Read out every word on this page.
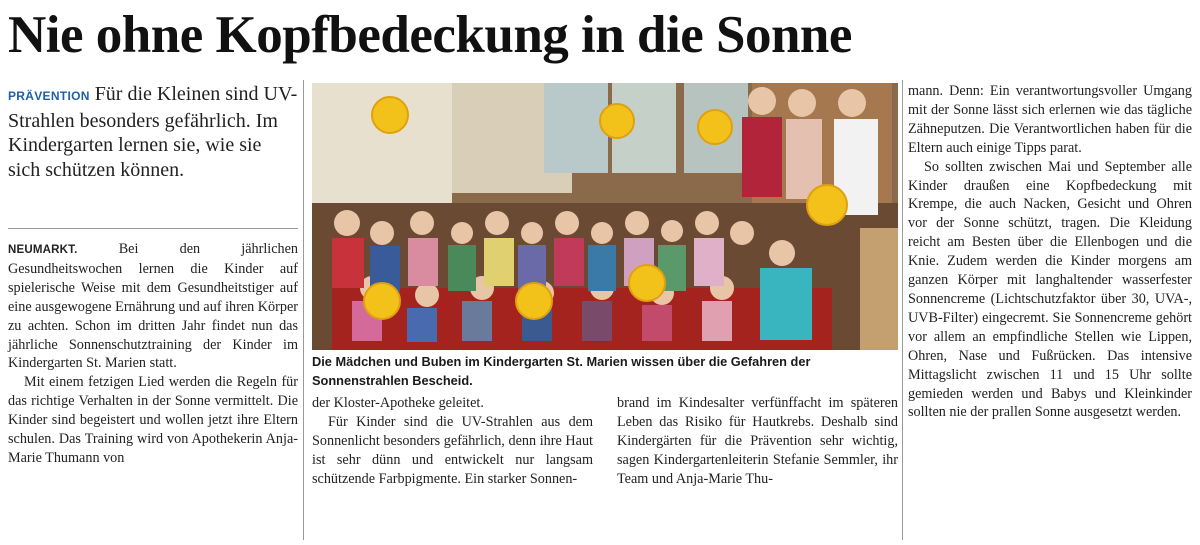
Nie ohne Kopfbedeckung in die Sonne
PRÄVENTION Für die Kleinen sind UV-Strahlen besonders gefährlich. Im Kindergarten lernen sie, wie sie sich schützen können.

NEUMARKT.	Bei den jährlichen Gesundheitswochen lernen die Kinder auf spielerische Weise mit dem Gesundheitstiger auf eine ausgewogene Ernährung und auf ihren Körper zu achten. Schon im dritten Jahr findet nun das jährliche Sonnenschutztraining der Kinder im Kindergarten St. Marien statt.

Mit einem fetzigen Lied werden die Regeln für das richtige Verhalten in der Sonne vermittelt. Die Kinder sind begeistert und wollen jetzt ihre Eltern schulen. Das Training wird von Apothekerin Anja-Marie Thumann von

Die Mädchen und Buben im Kindergarten St. Marien wissen über die Gefahren der Sonnenstrahlen Bescheid.

der Kloster-Apotheke geleitet.

Für Kinder sind die UV-Strahlen aus dem Sonnenlicht besonders gefährlich, denn ihre Haut ist sehr dünn und entwickelt nur langsam schützende Farbpigmente. Ein starker Sonnen-

brand im Kindesalter verfünffacht im späteren Leben das Risiko für Hautkrebs. Deshalb sind Kindergärten für die Prävention sehr wichtig, sagen Kindergartenleiterin Stefanie Semmler, ihr Team und Anja-Marie Thu-

mann. Denn: Ein verantwortungsvoller Umgang mit der Sonne lässt sich erlernen wie das tägliche Zähneputzen. Die Verantwortlichen haben für die Eltern auch einige Tipps parat.

So sollten zwischen Mai und September alle Kinder draußen eine Kopfbedeckung mit Krempe, die auch Nacken, Gesicht und Ohren vor der Sonne schützt, tragen. Die Kleidung reicht am Besten über die Ellenbogen und die Knie. Zudem werden die Kinder morgens am ganzen Körper mit langhaltender wasserfester Sonnencreme (Lichtschutzfaktor über 30, UVA-, UVB-Filter) eingecremt. Sie Sonnencreme gehört vor allem an empfindliche Stellen wie Lippen, Ohren, Nase und Fußrücken. Das intensive Mittagslicht zwischen 11 und 15 Uhr sollte gemieden werden und Babys und Kleinkinder sollten nie der prallen Sonne ausgesetzt werden.
